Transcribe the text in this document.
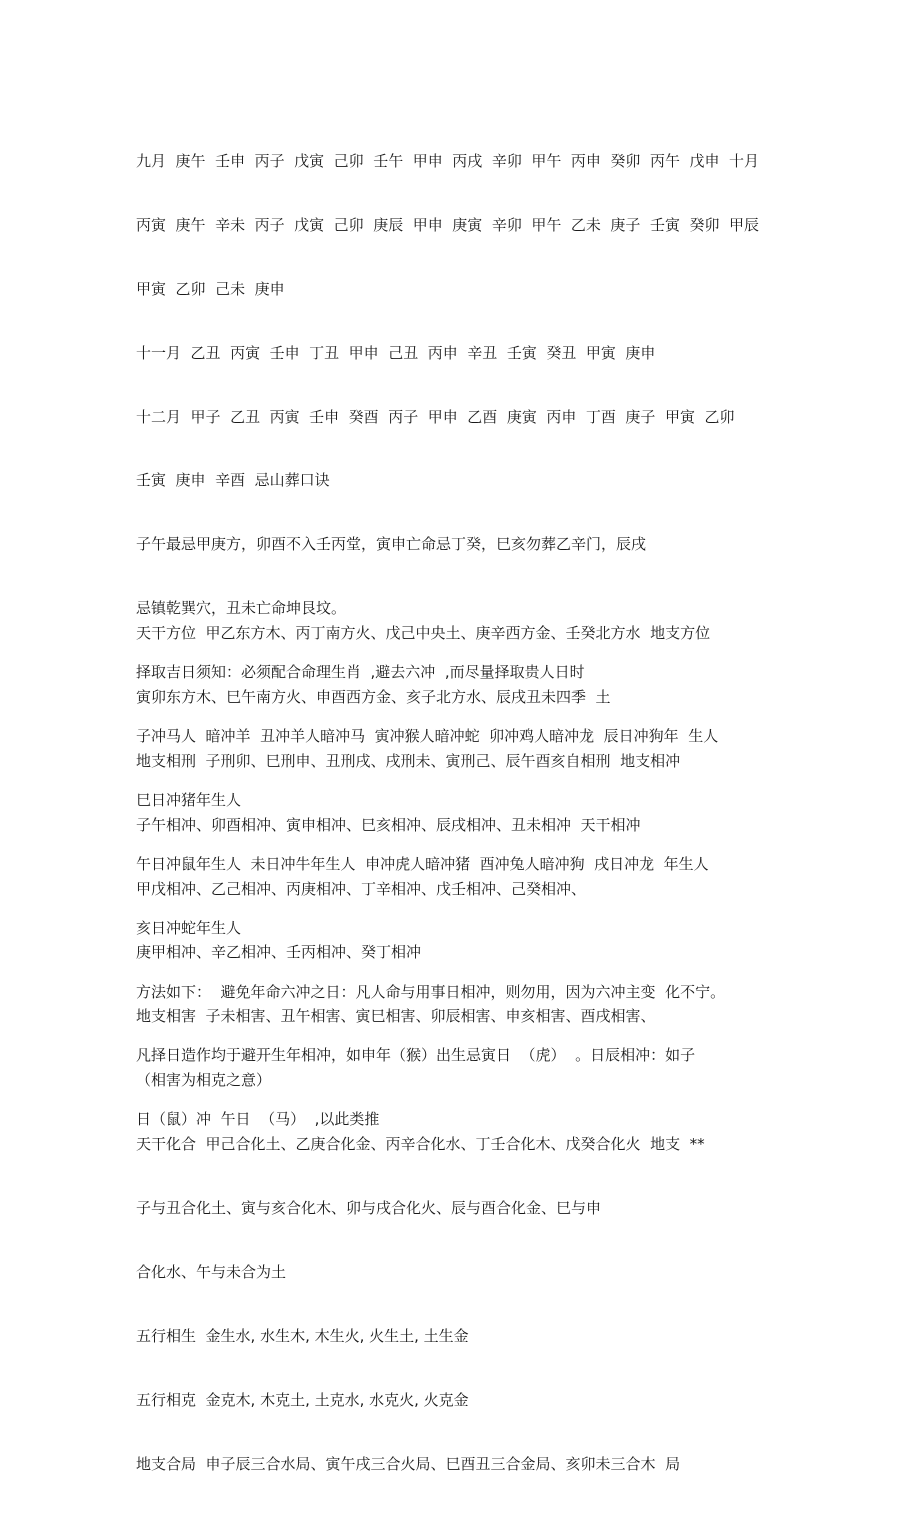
九月  庚午  壬申  丙子  戊寅  己卯  壬午  甲申  丙戌  辛卯  甲午  丙申  癸卯  丙午  戊申  十月

丙寅  庚午  辛未  丙子  戊寅  己卯  庚辰  甲申  庚寅  辛卯  甲午  乙未  庚子  壬寅  癸卯  甲辰

甲寅  乙卯  己未  庚申

十一月  乙丑  丙寅  壬申  丁丑  甲申  己丑  丙申  辛丑  壬寅  癸丑  甲寅  庚申

十二月  甲子  乙丑  丙寅  壬申  癸酉  丙子  甲申  乙酉  庚寅  丙申  丁酉  庚子  甲寅  乙卯

壬寅  庚申  辛酉  忌山葬口诀

子午最忌甲庚方，卯酉不入壬丙堂，寅申亡命忌丁癸，巳亥勿葬乙辛门，辰戌

忌镇乾巽穴，丑未亡命坤艮坟。

择取吉日须知：必须配合命理生肖  ,避去六冲  ,而尽量择取贵人日时

子冲马人  暗冲羊  丑冲羊人暗冲马  寅冲猴人暗冲蛇  卯冲鸡人暗冲龙  辰日冲狗年  生人

巳日冲猪年生人

午日冲鼠年生人  未日冲牛年生人  申冲虎人暗冲猪  酉冲兔人暗冲狗  戌日冲龙  年生人

亥日冲蛇年生人

方法如下：  避免年命六冲之日：凡人命与用事日相冲，则勿用，因为六冲主变  化不宁。

凡择日造作均于避开生年相冲，如申年（猴）出生忌寅日  （虎）  。日辰相冲：如子

日（鼠）冲  午日  （马）  ,以此类推

天干方位  甲乙东方木、丙丁南方火、戊己中央土、庚辛西方金、壬癸北方水  地支方位

寅卯东方木、巳午南方火、申酉西方金、亥子北方水、辰戌丑未四季  土

地支相刑  子刑卯、巳刑申、丑刑戌、戌刑未、寅刑己、辰午酉亥自相刑  地支相冲

子午相冲、卯酉相冲、寅申相冲、巳亥相冲、辰戌相冲、丑未相冲  天干相冲

甲戊相冲、乙己相冲、丙庚相冲、丁辛相冲、戊壬相冲、己癸相冲、

庚甲相冲、辛乙相冲、壬丙相冲、癸丁相冲

地支相害  子未相害、丑午相害、寅巳相害、卯辰相害、申亥相害、酉戌相害、

（相害为相克之意）

天干化合  甲己合化土、乙庚合化金、丙辛合化水、丁壬合化木、戊癸合化火  地支  **

子与丑合化土、寅与亥合化木、卯与戌合化火、辰与酉合化金、巳与申

合化水、午与未合为土

五行相生  金生水, 水生木, 木生火, 火生土, 土生金

五行相克  金克木, 木克土, 土克水, 水克火, 火克金

地支合局  申子辰三合水局、寅午戌三合火局、巳酉丑三合金局、亥卯未三合木  局
